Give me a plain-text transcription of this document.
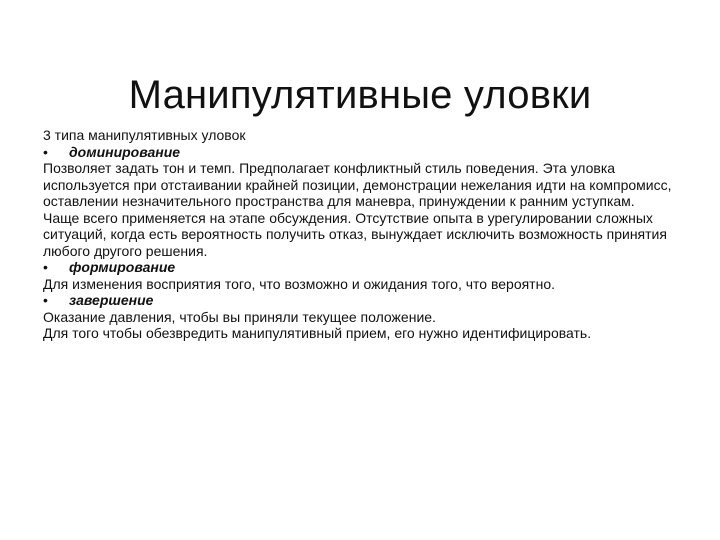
Манипулятивные уловки

3 типа манипулятивных уловок

• доминирование

Позволяет задать тон и темп. Предполагает конфликтный стиль поведения. Эта уловка используется при отстаивании крайней позиции, демонстрации нежелания идти на компромисс, оставлении незначительного пространства для маневра, принуждении к ранним уступкам. Чаще всего применяется на этапе обсуждения. Отсутствие опыта в урегулировании сложных ситуаций, когда есть вероятность получить отказ, вынуждает исключить возможность принятия любого другого решения.

• формирование

Для изменения восприятия того, что возможно и ожидания того, что вероятно.

• завершение

Оказание давления, чтобы вы приняли текущее положение.

Для того чтобы обезвредить манипулятивный прием, его нужно идентифицировать.
